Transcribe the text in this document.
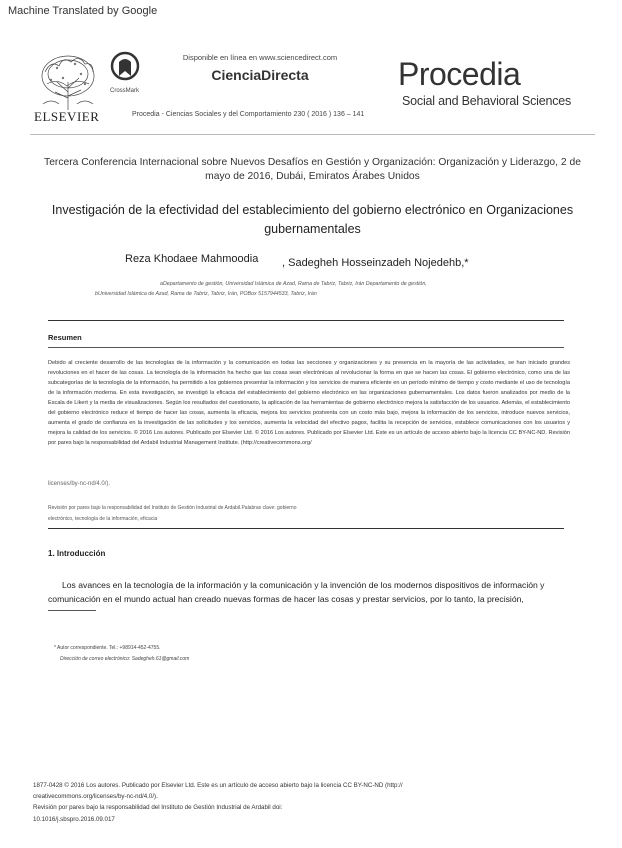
Machine Translated by Google
ELSEVIER
CrossMark
Disponible en línea en www.sciencedirect.com
CienciaDirecta
Procedia - Ciencias Sociales y del Comportamiento 230 ( 2016 ) 136 – 141
Procedia
Social and Behavioral Sciences
Tercera Conferencia Internacional sobre Nuevos Desafíos en Gestión y Organización: Organización y Liderazgo, 2 de mayo de 2016, Dubái, Emiratos Árabes Unidos
Investigación de la efectividad del establecimiento del gobierno electrónico en Organizaciones gubernamentales
Reza Khodaee Mahmoodia , Sadegheh Hosseinzadeh Nojedehb,*
aDepartamento de gestión, Universidad Islámica de Azad, Rama de Tabriz, Tabriz, Irán Departamento de gestión,
bUniversidad Islámica de Azad, Rama de Tabriz, Tabriz, Irán, POBox 5157944533, Tabriz, Irán
Resumen
Debido al creciente desarrollo de las tecnologías de la información y la comunicación en todas las secciones y organizaciones y su presencia en la mayoría de las actividades, se han iniciado grandes revoluciones en el hacer de las cosas. La tecnología de la información ha hecho que las cosas sean electrónicas al revolucionar la forma en que se hacen las cosas. El gobierno electrónico, como una de las subcategorías de la tecnología de la información, ha permitido a los gobiernos presentar la información y los servicios de manera eficiente en un período mínimo de tiempo y costo mediante el uso de tecnología de la información moderna. En esta investigación, se investigó la eficacia del establecimiento del gobierno electrónico en las organizaciones gubernamentales. Los datos fueron analizados por medio de la Escala de Likert y la media de visualizaciones. Según los resultados del cuestionario, la aplicación de las herramientas de gobierno electrónico mejora la satisfacción de los usuarios. Además, el establecimiento del gobierno electrónico reduce el tiempo de hacer las cosas, aumenta la eficacia, mejora los servicios postventa con un costo más bajo, mejora la información de los servicios, introduce nuevos servicios, aumenta el grado de confianza en la investigación de las solicitudes y los servicios, aumenta la velocidad del efectivo pagos, facilita la recepción de servicios, establece comunicaciones con los usuarios y mejora la calidad de los servicios. © 2016 Los autores. Publicado por Elsevier Ltd. © 2016 Los autores. Publicado por Elsevier Ltd. Este es un artículo de acceso abierto bajo la licencia CC BY-NC-ND. Revisión por pares bajo la responsabilidad del Ardabil Industrial Management Institute. (http://creativecommons.org/
licenses/by-nc-nd/4.0/).
Revisión por pares bajo la responsabilidad del Instituto de Gestión Industrial de Ardabil.Palabras clave: gobierno
electrónico, tecnología de la información, eficacia
1. Introducción
Los avances en la tecnología de la información y la comunicación y la invención de los modernos dispositivos de información y comunicación en el mundo actual han creado nuevas formas de hacer las cosas y prestar servicios, por lo tanto, la precisión,
* Autor correspondiente. Tel.: +98914-452-4755.
Dirección de correo electrónico: Sadegheh.61@gmail.com
1877-0428 © 2016 Los autores. Publicado por Elsevier Ltd. Este es un artículo de acceso abierto bajo la licencia CC BY-NC-ND (http://
creativecommons.org/licenses/by-nc-nd/4.0/).
Revisión por pares bajo la responsabilidad del Instituto de Gestión Industrial de Ardabil doi:
10.1016/j.sbspro.2016.09.017
